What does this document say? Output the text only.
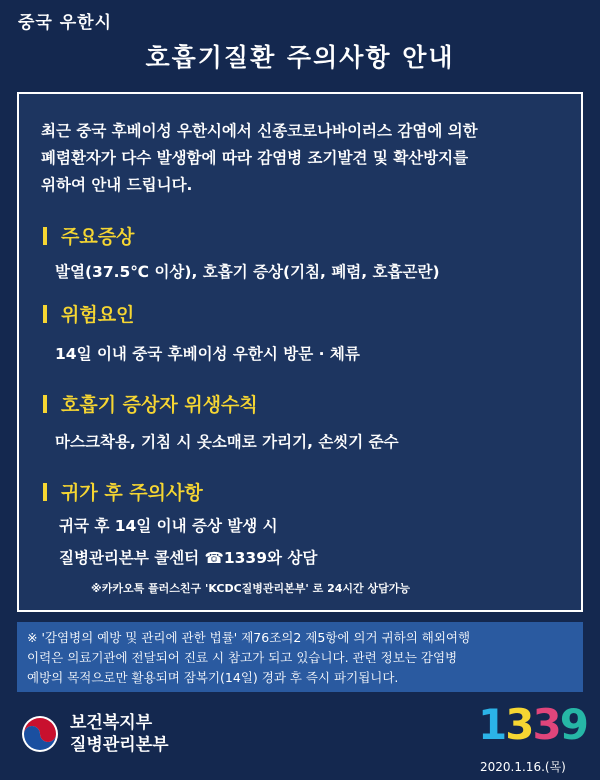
중국 우한시
호흡기질환 주의사항 안내
최근 중국 후베이성 우한시에서 신종코로나바이러스 감염에 의한
폐렴환자가 다수 발생함에 따라 감염병 조기발견 및 확산방지를
위하여 안내 드립니다.
주요증상
발열(37.5℃ 이상), 호흡기 증상(기침, 폐렴, 호흡곤란)
위험요인
14일 이내 중국 후베이성 우한시 방문 · 체류
호흡기 증상자 위생수칙
마스크착용, 기침 시 옷소매로 가리기, 손씻기 준수
귀가 후 주의사항
귀국 후 14일 이내 증상 발생 시
질병관리본부 콜센터 ☎1339와 상담
※카카오톡 플러스친구 'KCDC질병관리본부' 로 24시간 상담가능
※ '감염병의 예방 및 관리에 관한 법률' 제76조의2 제5항에 의거 귀하의 해외여행
이력은 의료기관에 전달되어 진료 시 참고가 되고 있습니다. 관련 정보는 감염병
예방의 목적으로만 활용되며 잠복기(14일) 경과 후 즉시 파기됩니다.
보건복지부
질병관리본부	1339
2020.1.16.(목)
